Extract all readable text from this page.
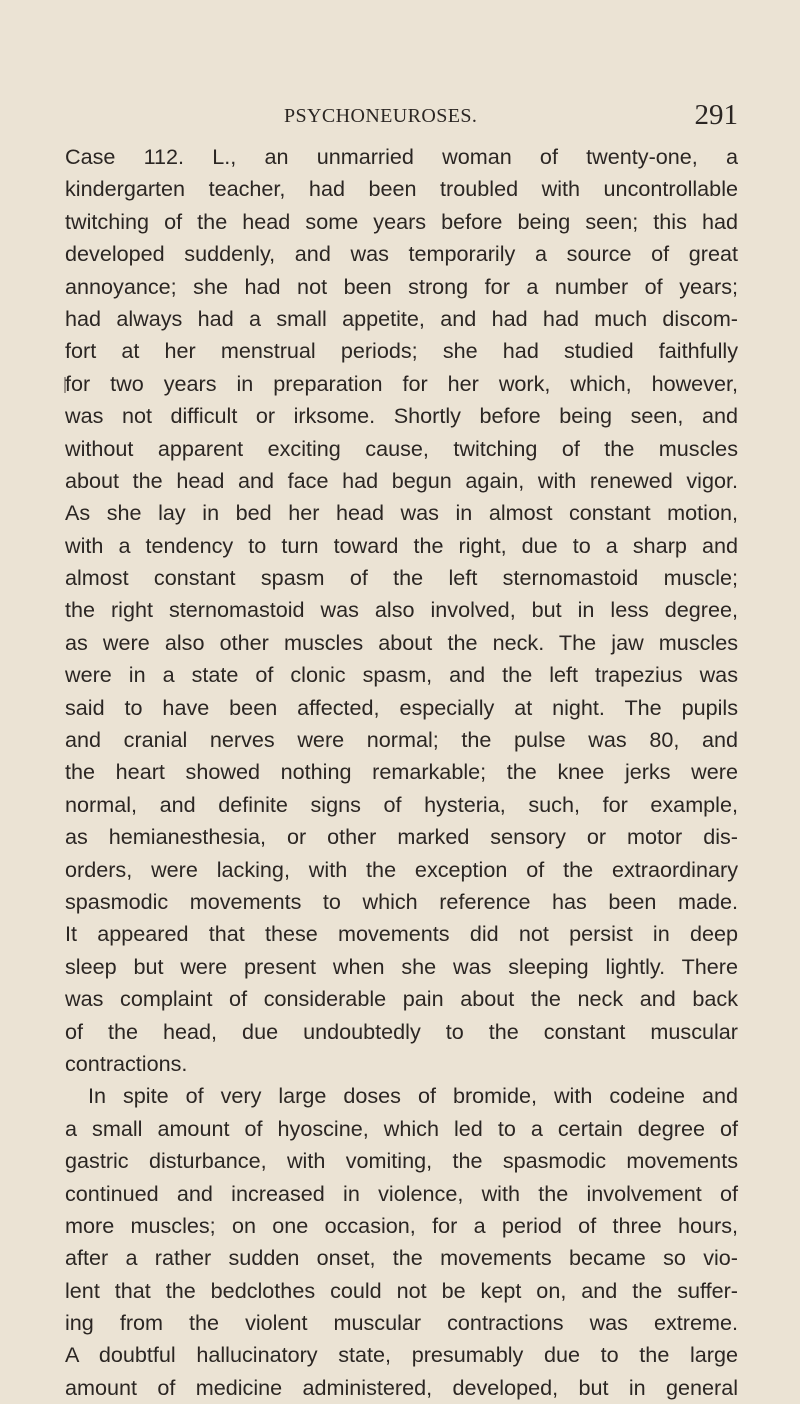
PSYCHONEUROSES.	291
Case 112. L., an unmarried woman of twenty-one, a
kindergarten teacher, had been troubled with uncontrollable
twitching of the head some years before being seen; this had
developed suddenly, and was temporarily a source of great
annoyance; she had not been strong for a number of years;
had always had a small appetite, and had had much discom-
fort at her menstrual periods; she had studied faithfully
for two years in preparation for her work, which, however,
was not difficult or irksome. Shortly before being seen, and
without apparent exciting cause, twitching of the muscles
about the head and face had begun again, with renewed vigor.
As she lay in bed her head was in almost constant motion,
with a tendency to turn toward the right, due to a sharp and
almost constant spasm of the left sternomastoid muscle;
the right sternomastoid was also involved, but in less degree,
as were also other muscles about the neck. The jaw muscles
were in a state of clonic spasm, and the left trapezius was
said to have been affected, especially at night. The pupils
and cranial nerves were normal; the pulse was 80, and
the heart showed nothing remarkable; the knee jerks were
normal, and definite signs of hysteria, such, for example,
as hemianesthesia, or other marked sensory or motor dis-
orders, were lacking, with the exception of the extraordinary
spasmodic movements to which reference has been made.
It appeared that these movements did not persist in deep
sleep but were present when she was sleeping lightly. There
was complaint of considerable pain about the neck and back
of the head, due undoubtedly to the constant muscular
contractions.
In spite of very large doses of bromide, with codeine and
a small amount of hyoscine, which led to a certain degree of
gastric disturbance, with vomiting, the spasmodic movements
continued and increased in violence, with the involvement of
more muscles; on one occasion, for a period of three hours,
after a rather sudden onset, the movements became so vio-
lent that the bedclothes could not be kept on, and the suffer-
ing from the violent muscular contractions was extreme.
A doubtful hallucinatory state, presumably due to the large
amount of medicine administered, developed, but in general
